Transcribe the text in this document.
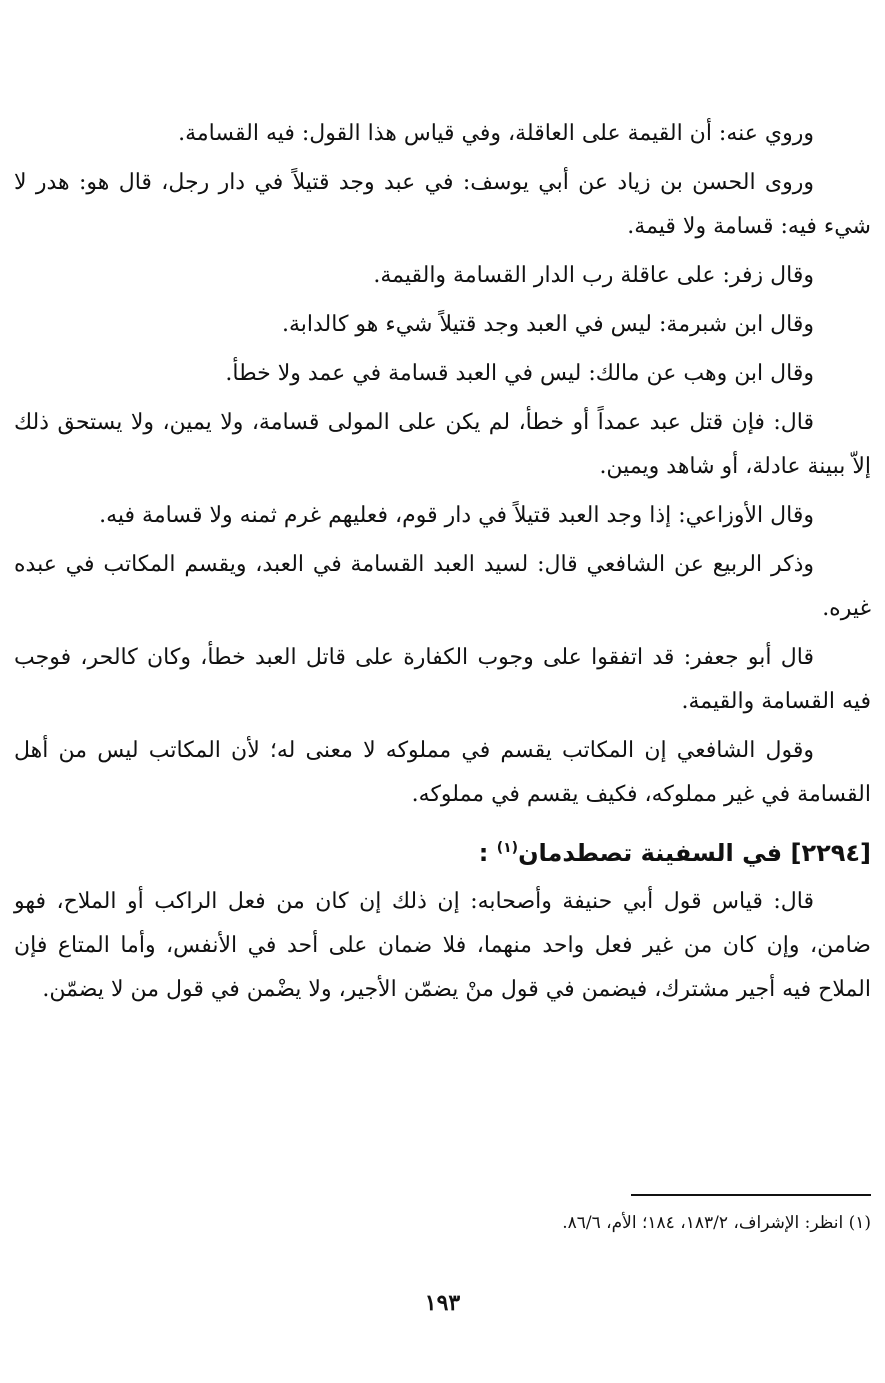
وروي عنه: أن القيمة على العاقلة، وفي قياس هذا القول: فيه القسامة.

وروى الحسن بن زياد عن أبي يوسف: في عبد وجد قتيلاً في دار رجل، قال هو: هدر لا شيء فيه: قسامة ولا قيمة.

وقال زفر: على عاقلة رب الدار القسامة والقيمة.

وقال ابن شبرمة: ليس في العبد وجد قتيلاً شيء هو كالدابة.

وقال ابن وهب عن مالك: ليس في العبد قسامة في عمد ولا خطأ.

قال: فإن قتل عبد عمداً أو خطأ، لم يكن على المولى قسامة، ولا يمين، ولا يستحق ذلك إلاّ ببينة عادلة، أو شاهد ويمين.

وقال الأوزاعي: إذا وجد العبد قتيلاً في دار قوم، فعليهم غرم ثمنه ولا قسامة فيه.

وذكر الربيع عن الشافعي قال: لسيد العبد القسامة في العبد، ويقسم المكاتب في عبده غيره.

قال أبو جعفر: قد اتفقوا على وجوب الكفارة على قاتل العبد خطأ، وكان كالحر، فوجب فيه القسامة والقيمة.

وقول الشافعي إن المكاتب يقسم في مملوكه لا معنى له؛ لأن المكاتب ليس من أهل القسامة في غير مملوكه، فكيف يقسم في مملوكه.

[٢٢٩٤] في السفينة تصطدمان$^{(١)}$ :

قال: قياس قول أبي حنيفة وأصحابه: إن ذلك إن كان من فعل الراكب أو الملاح، فهو ضامن، وإن كان من غير فعل واحد منهما، فلا ضمان على أحد في الأنفس، وأما المتاع فإن الملاح فيه أجير مشترك، فيضمن في قول منْ يضمّن الأجير، ولا يضْمن في قول من لا يضمّن.

(١) انظر: الإشراف، ١٨٣/٢، ١٨٤؛ الأم، ٨٦/٦.
١٩٣
